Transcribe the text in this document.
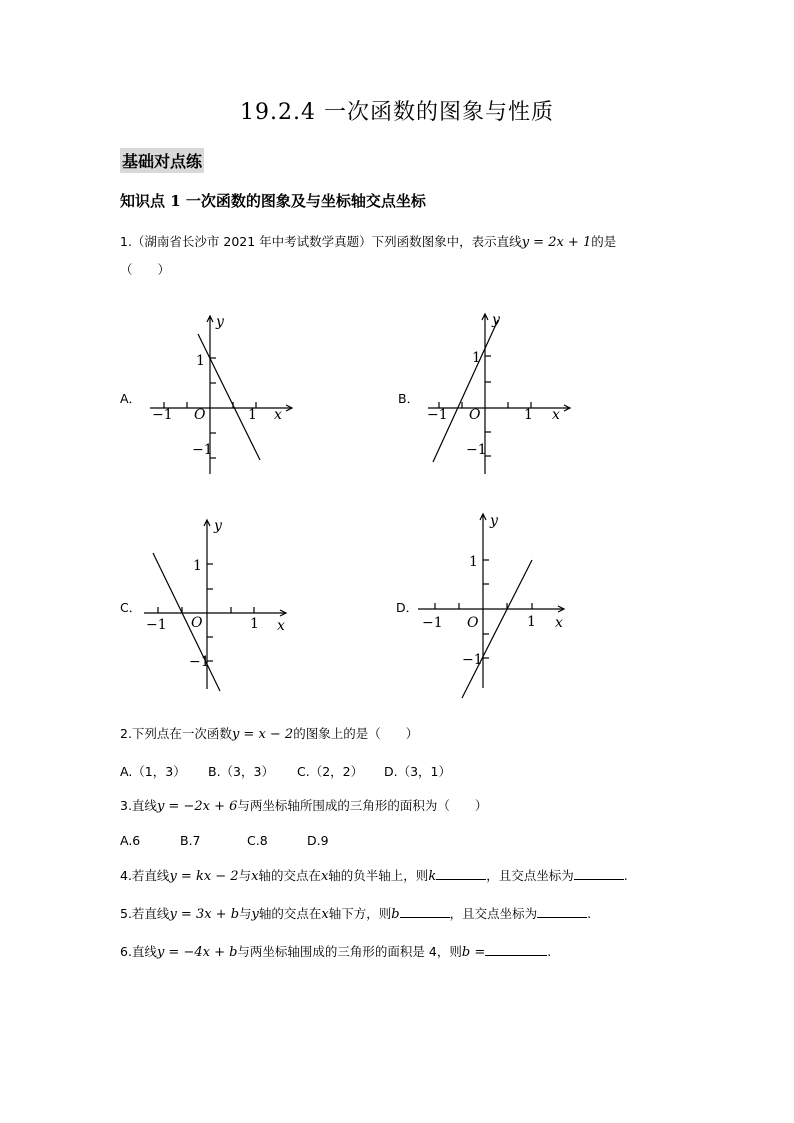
19.2.4 一次函数的图象与性质
基础对点练
知识点 1 一次函数的图象及与坐标轴交点坐标
1.（湖南省长沙市 2021 年中考试数学真题）下列函数图象中，表示直线y = 2x + 1的是
（　　）
A．
y
x
O
1
1
−1
−1
B．
y
x
O
1
1
−1
−1
C．
y
x
O
1
1
−1
−1
D．
y
x
O
1
1
−1
−1
2.下列点在一次函数y = x − 2的图象上的是（　　）
A.（1，3） B.（3，3） C.（2，2） D.（3，1）
3.直线y = −2x + 6与两坐标轴所围成的三角形的面积为（　　）
A.6	B.7	C.8	D.9
4.若直线y = kx − 2与x轴的交点在x轴的负半轴上，则k	，且交点坐标为	.
5.若直线y = 3x + b与y轴的交点在x轴下方，则b	，且交点坐标为	.
6.直线y = −4x + b与两坐标轴围成的三角形的面积是 4，则b =	.
